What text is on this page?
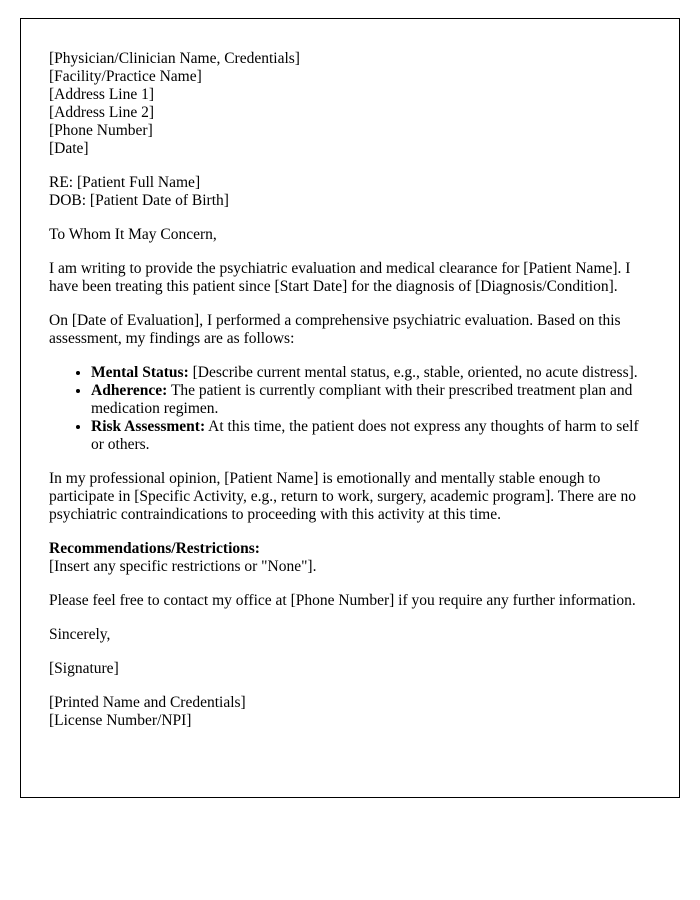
[Physician/Clinician Name, Credentials]
[Facility/Practice Name]
[Address Line 1]
[Address Line 2]
[Phone Number]
[Date]
RE: [Patient Full Name]
DOB: [Patient Date of Birth]

To Whom It May Concern,

I am writing to provide the psychiatric evaluation and medical clearance for [Patient Name]. I have been treating this patient since [Start Date] for the diagnosis of [Diagnosis/Condition].

On [Date of Evaluation], I performed a comprehensive psychiatric evaluation. Based on this assessment, my findings are as follows:

• Mental Status: [Describe current mental status, e.g., stable, oriented, no acute distress].
• Adherence: The patient is currently compliant with their prescribed treatment plan and medication regimen.
• Risk Assessment: At this time, the patient does not express any thoughts of harm to self or others.

In my professional opinion, [Patient Name] is emotionally and mentally stable enough to participate in [Specific Activity, e.g., return to work, surgery, academic program]. There are no psychiatric contraindications to proceeding with this activity at this time.

Recommendations/Restrictions:
[Insert any specific restrictions or "None"].

Please feel free to contact my office at [Phone Number] if you require any further information.

Sincerely,

[Signature]

[Printed Name and Credentials]
[License Number/NPI]
